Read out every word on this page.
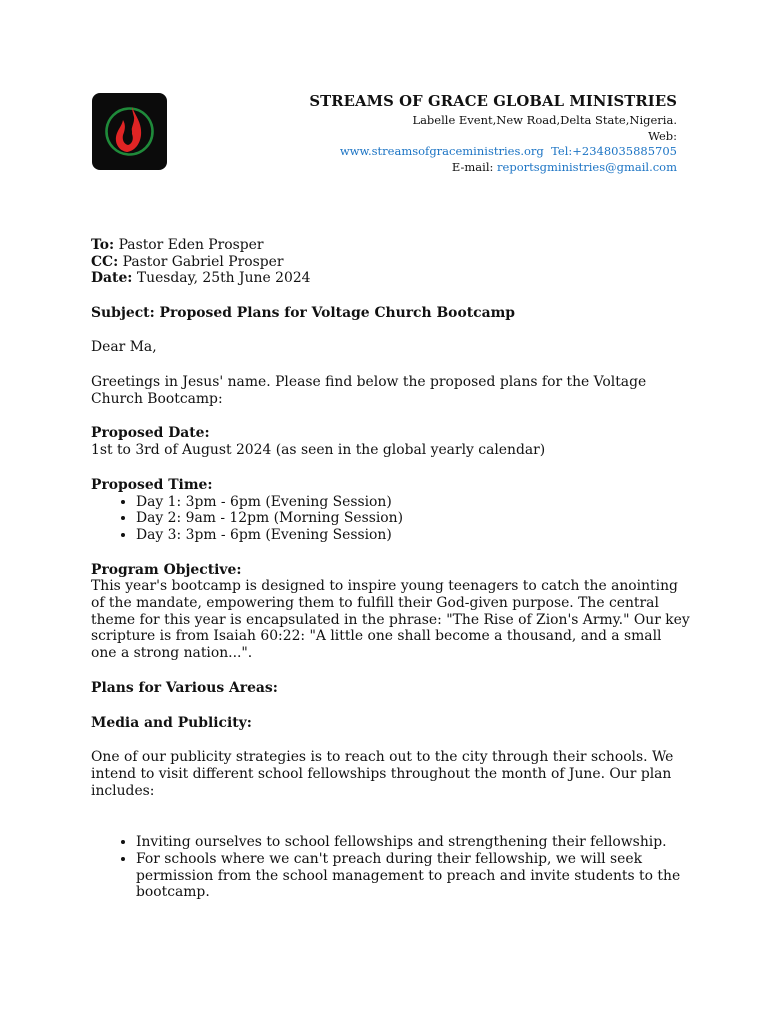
STREAMS OF GRACE GLOBAL MINISTRIES
Labelle Event,New Road,Delta State,Nigeria.
Web:
www.streamsofgraceministries.org Tel:+2348035885705
E-mail: reportsgministries@gmail.com
To: Pastor Eden Prosper
CC: Pastor Gabriel Prosper
Date: Tuesday, 25th June 2024
Subject: Proposed Plans for Voltage Church Bootcamp
Dear Ma,
Greetings in Jesus' name. Please find below the proposed plans for the Voltage Church Bootcamp:
Proposed Date:
1st to 3rd of August 2024 (as seen in the global yearly calendar)
Proposed Time:
• Day 1: 3pm - 6pm (Evening Session)
• Day 2: 9am - 12pm (Morning Session)
• Day 3: 3pm - 6pm (Evening Session)
Program Objective:
This year's bootcamp is designed to inspire young teenagers to catch the anointing of the mandate, empowering them to fulfill their God-given purpose. The central theme for this year is encapsulated in the phrase: "The Rise of Zion's Army." Our key scripture is from Isaiah 60:22: "A little one shall become a thousand, and a small one a strong nation...".
Plans for Various Areas:
Media and Publicity:
One of our publicity strategies is to reach out to the city through their schools. We intend to visit different school fellowships throughout the month of June. Our plan includes:
• Inviting ourselves to school fellowships and strengthening their fellowship.
• For schools where we can't preach during their fellowship, we will seek permission from the school management to preach and invite students to the bootcamp.
